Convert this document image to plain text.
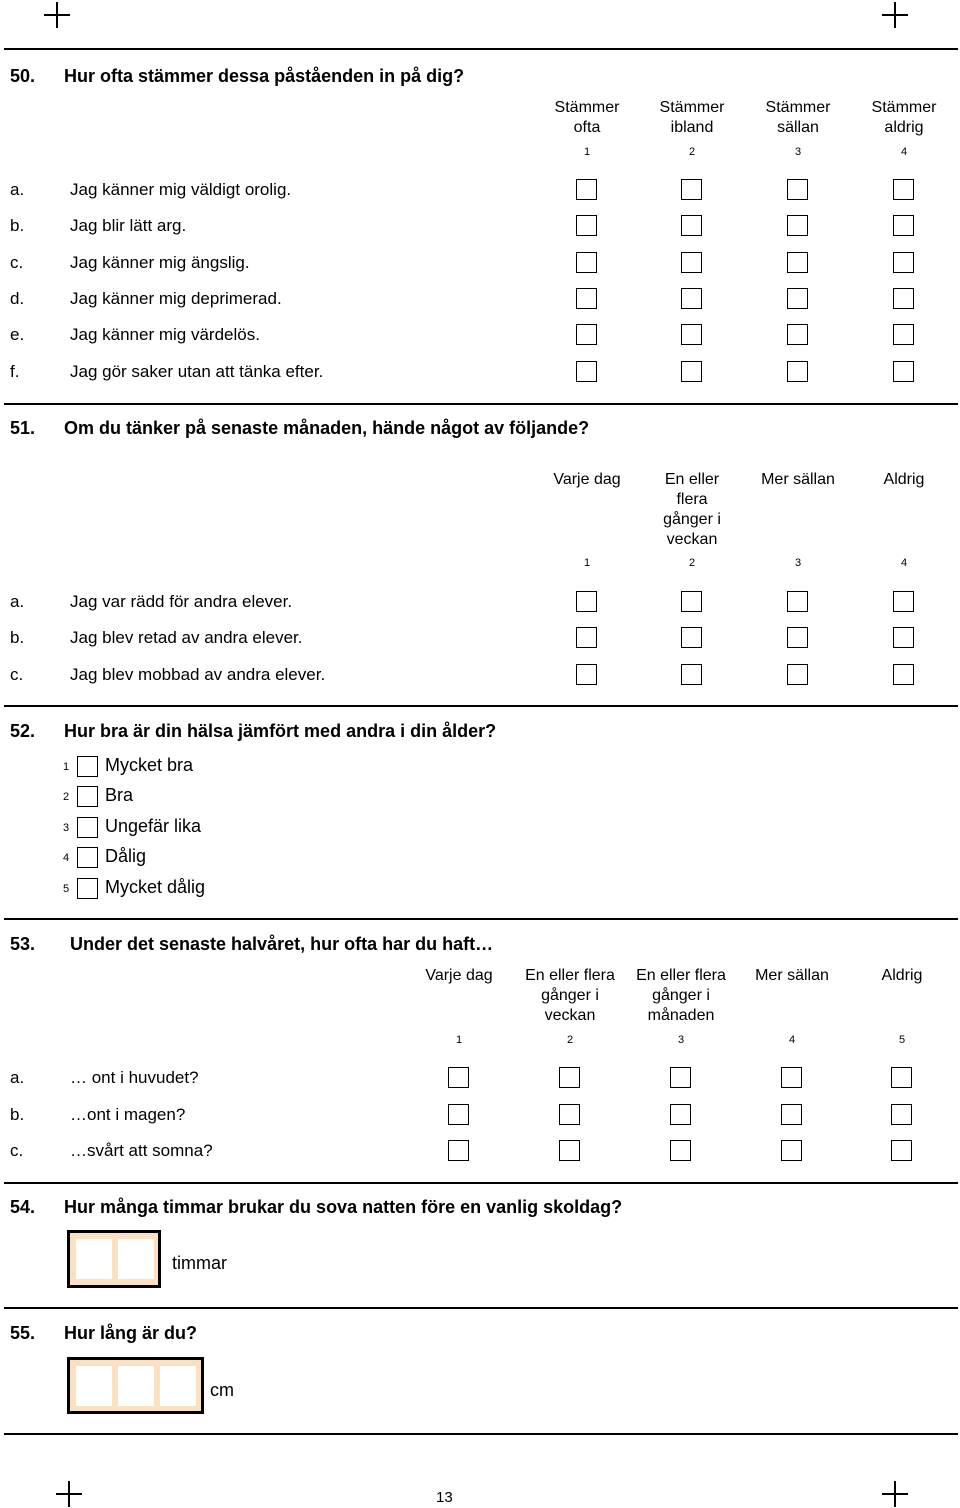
50. Hur ofta stämmer dessa påståenden in på dig?
Stämmer ofta
1
Stämmer ibland
2
Stämmer sällan
3
Stämmer aldrig
4
a.	Jag känner mig väldigt orolig.
b.	Jag blir lätt arg.
c.	Jag känner mig ängslig.
d.	Jag känner mig deprimerad.
e.	Jag känner mig värdelös.
f.	Jag gör saker utan att tänka efter.
51. Om du tänker på senaste månaden, hände något av följande?
Varje dag
1
En eller flera gånger i veckan
2
Mer sällan
3
Aldrig
4
a.	Jag var rädd för andra elever.
b.	Jag blev retad av andra elever.
c.	Jag blev mobbad av andra elever.
52. Hur bra är din hälsa jämfört med andra i din ålder?
1 Mycket bra
2 Bra
3 Ungefär lika
4 Dålig
5 Mycket dålig
53. Under det senaste halvåret, hur ofta har du haft…
Varje dag
1
En eller flera gånger i veckan
2
En eller flera gånger i månaden
3
Mer sällan
4
Aldrig
5
a.	… ont i huvudet?
b.	…ont i magen?
c.	…svårt att somna?
54. Hur många timmar brukar du sova natten före en vanlig skoldag?
timmar
55. Hur lång är du?
cm
13
